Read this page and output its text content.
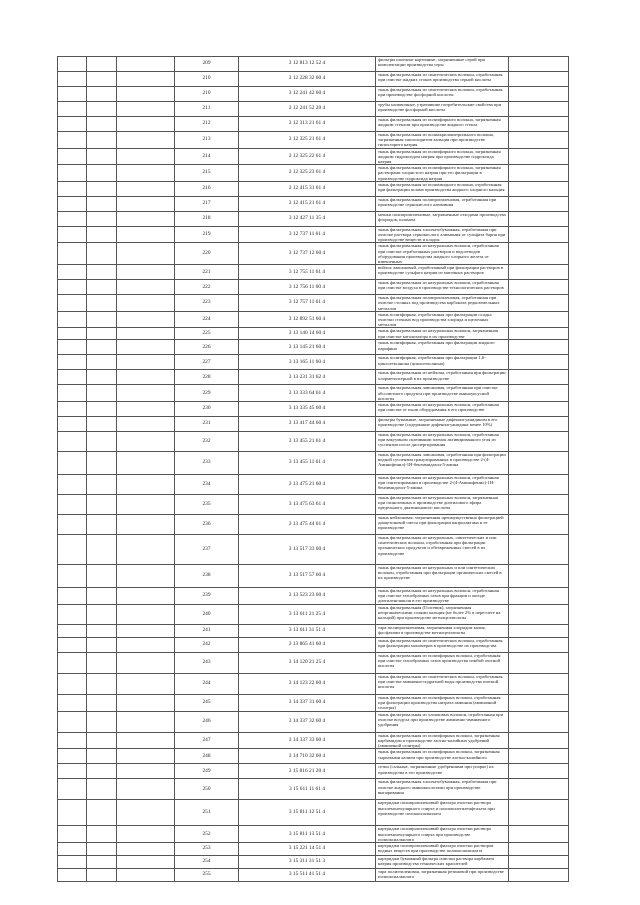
			209	3 12 813 12 52 4	фильтры шахтные картонные, загрязненные серой при комплектации производства серы	
			210	3 12 228 32 60 4	ткань фильтровальная из синтетических волокон, отработанная при очистке жидких стоков производства серной кислоты	
			210	3 12 241 42 60 4	ткань фильтровальная из синтетических волокон, отработанная при производстве фосфорной кислоты	
			211	3 12 241 52 20 4	трубы наливочные, утратившие потребительские свойства при производстве фосфорной кислоты	
			212	3 12 313 21 61 4	ткань фильтровальная из полиэфирного волокна, загрязненная жидким стеклом при производстве жидкого стекла	
			213	3 12 325 21 61 4	ткань фильтровальная из полиакрилонитрильного волокна, загрязненная гипохлоритом кальция при производстве гипохлорита натрия	
			214	3 12 325 22 61 4	ткань фильтровальная из полиэфирного волокна, загрязненная жидким гидроксидом натрия при производстве гидроксида натрия	
			215	3 12 325 23 61 4	ткань фильтровальная из полиэфирного волокна, загрязненная растворами хлористого натрия при его фильтрации в производстве гидроксида натрия	
			216	3 12 415 31 61 4	ткань фильтровальная из полиамидного волокна, отработанная при фильтрации шлама производства жидкого хлорного кальция	
			217	3 12 415 21 61 4	ткань фильтровальная полипропиленовая, отработанная при производстве сернокислого алюминия	
			218	3 12 427 11 35 4	мешки полипропиленовые, загрязненные отходами производства фторидов, шламом	
			219	3 12 737 11 61 4	ткань фильтровальная хлопчатобумажная, отработанная при очистке раствора сернокислого алюминия от сульфата бария при производстве веществ и кладок	
			220	3 12 737 12 60 4	ткань фильтровальная из натуральных волокон, отработанная при очистке отработанных растворов и водоотводов оборудования производства жидкого хлорного железа от взвешенных	
			221	3 12 755 11 61 4	войлок лавсановый, отработанный при фильтрации растворов в производстве сульфата натрия из маточных растворов	
			222	3 12 756 11 60 4	ткань фильтровальная из натуральных волокон, отработанная при очистке воздуха в производстве технологических растворов	
			223	3 12 757 11 61 4	ткань фильтровальная полипропиленовая, отработанная при очистке сточных вод производства карбоната редкоземельных металлов	
			224	3 12 892 51 60 4	ткань полиэфирная, отработанная при фильтрации осадка очистки сточных вод производства хлорида и щелочных металлов	
			225	3 13 140 14 60 4	ткань фильтровальная из натуральных волокон, загрязненная при очистке катализатора в их производстве	
			226	3 13 145 21 60 4	ткань полиэфирная, отработанная при фильтрации жидкого парафина	
			227	3 13 165 11 60 4	ткань полиэфирная, отработанная при фильтрации 1,6-циклогексанона (циклогексанона)	
			228	3 13 231 31 62 4	ткань фильтровальная из нейлона, отработанная при фильтрации хлорметилсерной в их производстве	
			229	3 13 333 64 61 4	ткань фильтровальная лавсановая, отработанная при очистке абсолютного продукта при производстве аминоуксусной кислоты	
			230	3 13 335 45 60 4	ткань фильтровальная из натуральных волокон, отработанная при очистке от пыли оборудования в его производстве	
			231	3 13 417 44 60 4	фильтры бумажные, загрязненные дифенилгуанидином в его производстве (содержание дифенилгуанидина менее 10%)	
			232	3 13 455 21 61 4	ткань фильтровальная из натуральных волокон, отработанная при вакуумном склеивании пленок активированного угля из суспензии после диспергирования	
			233	3 13 455 11 61 4	ткань фильтровальная лавсановая, отработанная при фильтрации водной суспензии гранулированных в производстве 2-(4-Аминофенил)-1Н-бензимидазол-5-амина	
			234	3 13 475 21 60 4	ткань фильтровальная из натуральных волокон, отработанная при синтезировании в производстве 2-(4-Аминофенил)-1Н-бензимидазол-5-амина	
			235	3 13 475 63 61 4	ткань фильтровальная из натуральных волокон, загрязненная при глиноземных в производстве диэтилового эфира предельного диазинонового кислоты	
			236	3 13 475 44 61 4	ткань нейлоновая, загрязненная преимущественно фильтрацией диацетоновой смеси при фильтрации капролактама и ее производстве	
			237	3 13 517 33 60 4	ткань фильтровальная из натуральных, синтетических и или синтетических волокон, отработанная при фильтрации органических продуктов и обезвреженных смесей в их производстве	
			238	3 13 517 57 60 4	ткань фильтровальная из натуральных и или синтетических волокон, отработанная при фильтрации органических смесей в их производстве	
			239	3 13 523 23 60 4	ткань фильтровальная из натуральных волокон, отработанная при очистке газообразных газов при фракции и оксиде диэтиленгликоля в его производстве	
			240	3 13 611 21 25 4	ткань фильтровальная (Голсевик), загрязненная неорганическими солями кальция (не более 2% в пересчете на кальций) при производстве метилцеллюлозы	
			241	3 13 611 31 51 4	тара полипропиленовая, загрязненная хлоридом калия, фосфатами в производстве метилцеллюлозы	
			242	3 13 865 41 60 4	ткань фильтровальная из синтетических волокон, отработанная при фильтрации мономеров в производстве их производства	
			243	3 14 120 21 25 4	ткань фильтровальная из полиэфирных волокон, отработанная при очистке газообразных газов производства симбой азотной кислоты	
			244	3 14 123 22 60 4	ткань фильтровальная из синтетических волокон, отработанная при очистке аммиачно-гидратной воды производства азотной кислоты	
			245	3 14 337 31 60 4	ткань фильтровальная из полиэфирных волокон, отработанная при фильтрации производства нитрата аммония (аммиачной селитры)	
			246	3 14 337 32 60 4	ткань фильтровальная из хлопковых волокон, отработанная при очистке воздуха при производстве аммиачно-аммиачного удобрения	
			247	3 14 337 33 60 4	ткань фильтровальная из полиэфирных волокон, загрязненная карбамидом в производстве азотно-калийных удобрений (аммиачной селитры)	
			248	3 14 710 32 60 4	ткань фильтровальная из полиэфирных волокон, загрязненная сырьевыми калием при производстве азотно-калийного	
			249	3 15 816 21 20 4	сетки (сальные, загрязненные удобрениями при упорке) их производства в его производстве	
			250	3 15 611 11 61 4	ткань фильтровальная хлопчатобумажная, отработанная при очистке жидкого аминокислотами при производстве выпаривания	
			251	3 15 811 12 51 4	картриджи полипропиленовый фильтра очистки раствора высшемолекулярного спирта и полиоксиэтиленфталата при производстве полиоксиалкилата	
			252	3 15 811 13 51 4	картриджи полипропиленовый фильтра очистки раствора высшемолекулярного спирта при производстве полиоксиалкилата	
			253	3 15 221 14 51 4	картриджи полипропиленовый фильтра очистки растворов водных веществ при производстве полиоксиалкилата	
			254	3 15 311 31 51 3	картриджи бумажный фильтра очистки раствора карбамата натрия производства технических красителей	
			255	3 15 511 41 51 4	тара полиэтиленовая, загрязненная резиновой при производстве полиоксиалкилата	
